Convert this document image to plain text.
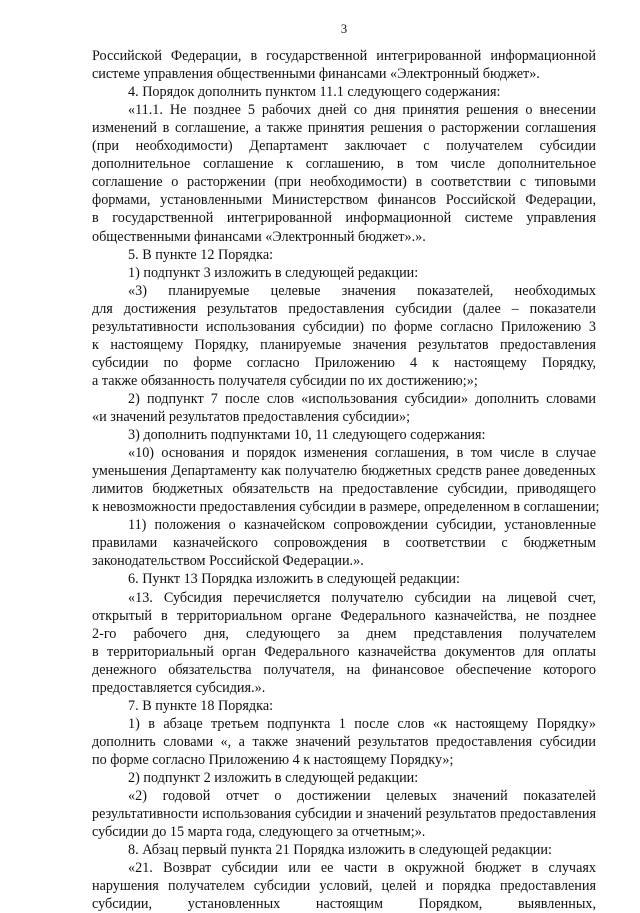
3
Российской Федерации, в государственной интегрированной информационной
системе управления общественными финансами «Электронный бюджет».
4. Порядок дополнить пунктом 11.1 следующего содержания:
«11.1. Не позднее 5 рабочих дней со дня принятия решения о внесении
изменений в соглашение, а также принятия решения о расторжении соглашения
(при необходимости) Департамент заключает с получателем субсидии
дополнительное соглашение к соглашению, в том числе дополнительное
соглашение о расторжении (при необходимости) в соответствии с типовыми
формами, установленными Министерством финансов Российской Федерации,
в государственной интегрированной информационной системе управления
общественными финансами «Электронный бюджет».».
5. В пункте 12 Порядка:
1) подпункт 3 изложить в следующей редакции:
«3) планируемые целевые значения показателей, необходимых
для достижения результатов предоставления субсидии (далее – показатели
результативности использования субсидии) по форме согласно Приложению 3
к настоящему Порядку, планируемые значения результатов предоставления
субсидии по форме согласно Приложению 4 к настоящему Порядку,
а также обязанность получателя субсидии по их достижению;»;
2) подпункт 7 после слов «использования субсидии» дополнить словами
«и значений результатов предоставления субсидии»;
3) дополнить подпунктами 10, 11 следующего содержания:
«10) основания и порядок изменения соглашения, в том числе в случае
уменьшения Департаменту как получателю бюджетных средств ранее доведенных
лимитов бюджетных обязательств на предоставление субсидии, приводящего
к невозможности предоставления субсидии в размере, определенном в соглашении;
11) положения о казначейском сопровождении субсидии, установленные
правилами казначейского сопровождения в соответствии с бюджетным
законодательством Российской Федерации.».
6. Пункт 13 Порядка изложить в следующей редакции:
«13. Субсидия перечисляется получателю субсидии на лицевой счет,
открытый в территориальном органе Федерального казначейства, не позднее
2-го рабочего дня, следующего за днем представления получателем
в территориальный орган Федерального казначейства документов для оплаты
денежного обязательства получателя, на финансовое обеспечение которого
предоставляется субсидия.».
7. В пункте 18 Порядка:
1) в абзаце третьем подпункта 1 после слов «к настоящему Порядку»
дополнить словами «, а также значений результатов предоставления субсидии
по форме согласно Приложению 4 к настоящему Порядку»;
2) подпункт 2 изложить в следующей редакции:
«2) годовой отчет о достижении целевых значений показателей
результативности использования субсидии и значений результатов предоставления
субсидии до 15 марта года, следующего за отчетным;».
8. Абзац первый пункта 21 Порядка изложить в следующей редакции:
«21. Возврат субсидии или ее части в окружной бюджет в случаях
нарушения получателем субсидии условий, целей и порядка предоставления
субсидии, установленных настоящим Порядком, выявленных,
